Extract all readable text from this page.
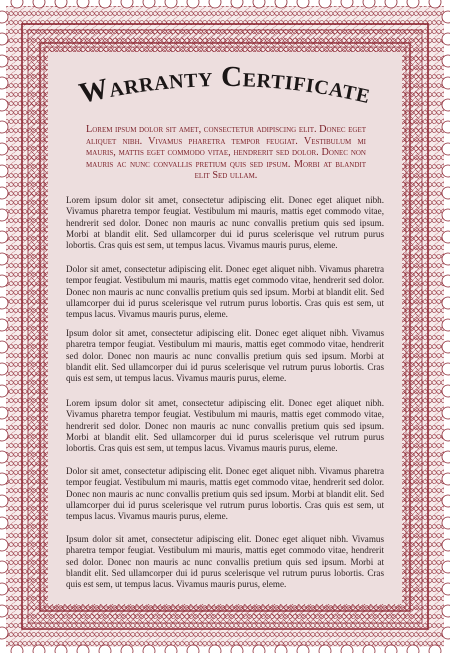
Warranty Certificate
Lorem ipsum dolor sit amet, consectetur adipiscing elit. Donec eget aliquet nibh. Vivamus pharetra tempor feugiat. Vestibulum mi mauris, mattis eget commodo vitae, hendrerit sed dolor. Donec non mauris ac nunc convallis pretium quis sed ipsum. Morbi at blandit elit Sed ullam.
Lorem ipsum dolor sit amet, consectetur adipiscing elit. Donec eget aliquet nibh. Vivamus pharetra tempor feugiat. Vestibulum mi mauris, mattis eget commodo vitae, hendrerit sed dolor. Donec non mauris ac nunc convallis pretium quis sed ipsum. Morbi at blandit elit. Sed ullamcorper dui id purus scelerisque vel rutrum purus lobortis. Cras quis est sem, ut tempus lacus. Vivamus mauris purus, eleme.
Dolor sit amet, consectetur adipiscing elit. Donec eget aliquet nibh. Vivamus pharetra tempor feugiat. Vestibulum mi mauris, mattis eget commodo vitae, hendrerit sed dolor. Donec non mauris ac nunc convallis pretium quis sed ipsum. Morbi at blandit elit. Sed ullamcorper dui id purus scelerisque vel rutrum purus lobortis. Cras quis est sem, ut tempus lacus. Vivamus mauris purus, eleme.
Ipsum dolor sit amet, consectetur adipiscing elit. Donec eget aliquet nibh. Vivamus pharetra tempor feugiat. Vestibulum mi mauris, mattis eget commodo vitae, hendrerit sed dolor. Donec non mauris ac nunc convallis pretium quis sed ipsum. Morbi at blandit elit. Sed ullamcorper dui id purus scelerisque vel rutrum purus lobortis. Cras quis est sem, ut tempus lacus. Vivamus mauris purus, eleme.
Lorem ipsum dolor sit amet, consectetur adipiscing elit. Donec eget aliquet nibh. Vivamus pharetra tempor feugiat. Vestibulum mi mauris, mattis eget commodo vitae, hendrerit sed dolor. Donec non mauris ac nunc convallis pretium quis sed ipsum. Morbi at blandit elit. Sed ullamcorper dui id purus scelerisque vel rutrum purus lobortis. Cras quis est sem, ut tempus lacus. Vivamus mauris purus, eleme.
Dolor sit amet, consectetur adipiscing elit. Donec eget aliquet nibh. Vivamus pharetra tempor feugiat. Vestibulum mi mauris, mattis eget commodo vitae, hendrerit sed dolor. Donec non mauris ac nunc convallis pretium quis sed ipsum. Morbi at blandit elit. Sed ullamcorper dui id purus scelerisque vel rutrum purus lobortis. Cras quis est sem, ut tempus lacus. Vivamus mauris purus, eleme.
Ipsum dolor sit amet, consectetur adipiscing elit. Donec eget aliquet nibh. Vivamus pharetra tempor feugiat. Vestibulum mi mauris, mattis eget commodo vitae, hendrerit sed dolor. Donec non mauris ac nunc convallis pretium quis sed ipsum. Morbi at blandit elit. Sed ullamcorper dui id purus scelerisque vel rutrum purus lobortis. Cras quis est sem, ut tempus lacus. Vivamus mauris purus, eleme.
